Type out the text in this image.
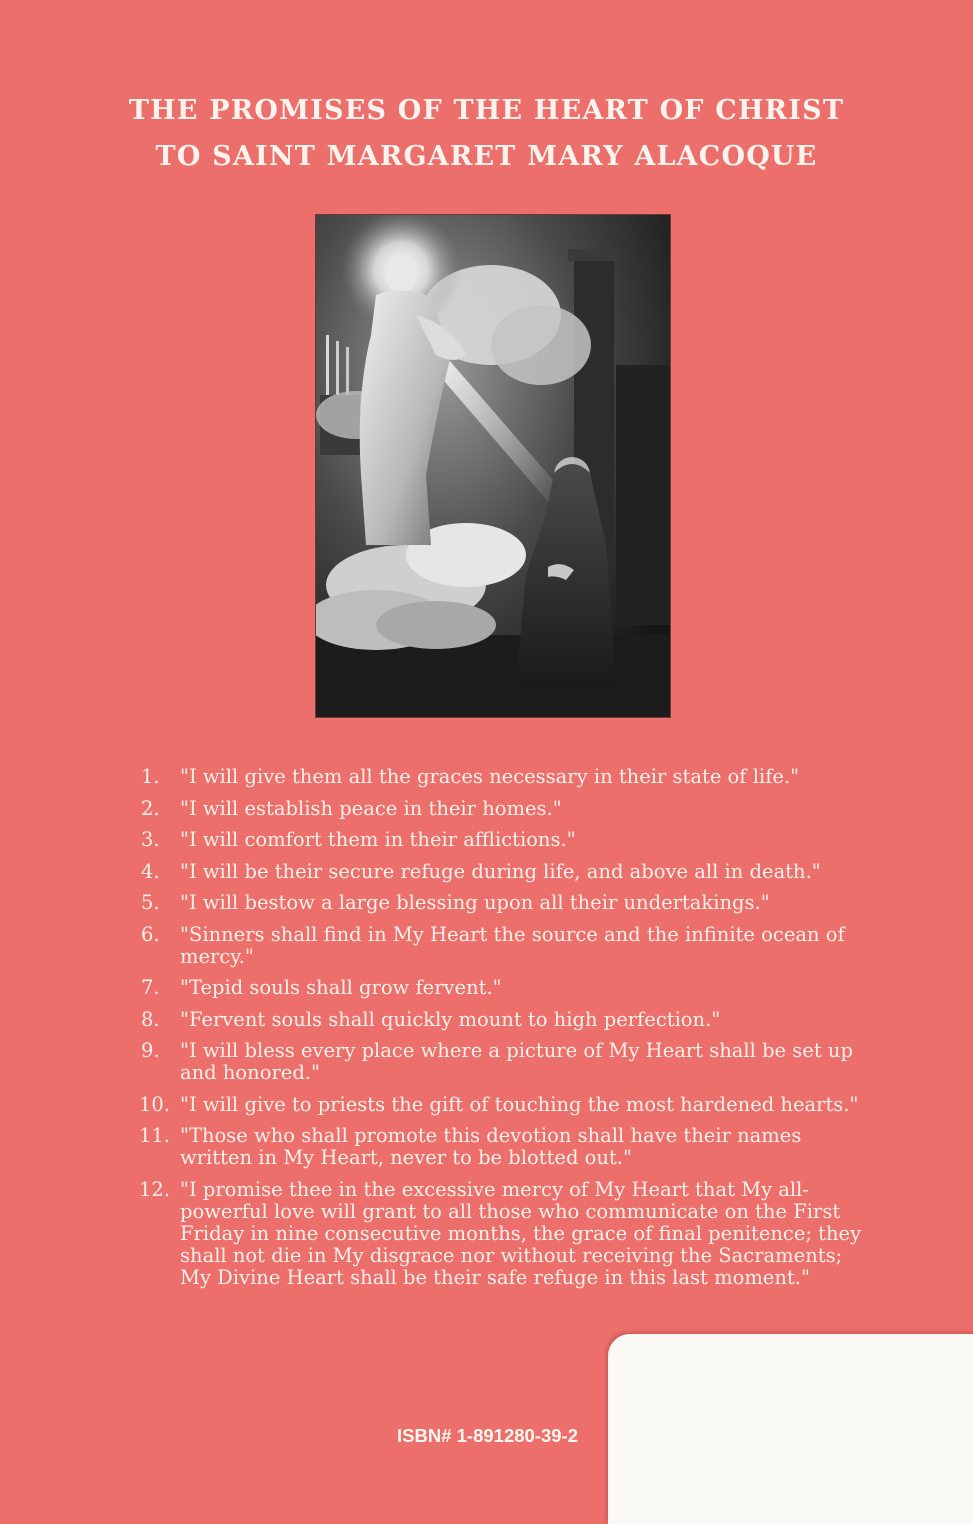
THE PROMISES OF THE HEART OF CHRIST
TO SAINT MARGARET MARY ALACOQUE
1. "I will give them all the graces necessary in their state of life."
2. "I will establish peace in their homes."
3. "I will comfort them in their afflictions."
4. "I will be their secure refuge during life, and above all in death."
5. "I will bestow a large blessing upon all their undertakings."
6. "Sinners shall find in My Heart the source and the infinite ocean of mercy."
7. "Tepid souls shall grow fervent."
8. "Fervent souls shall quickly mount to high perfection."
9. "I will bless every place where a picture of My Heart shall be set up and honored."
10. "I will give to priests the gift of touching the most hardened hearts."
11. "Those who shall promote this devotion shall have their names written in My Heart, never to be blotted out."
12. "I promise thee in the excessive mercy of My Heart that My all-powerful love will grant to all those who communicate on the First Friday in nine consecutive months, the grace of final penitence; they shall not die in My disgrace nor without receiving the Sacraments; My Divine Heart shall be their safe refuge in this last moment."
ISBN# 1-891280-39-2
